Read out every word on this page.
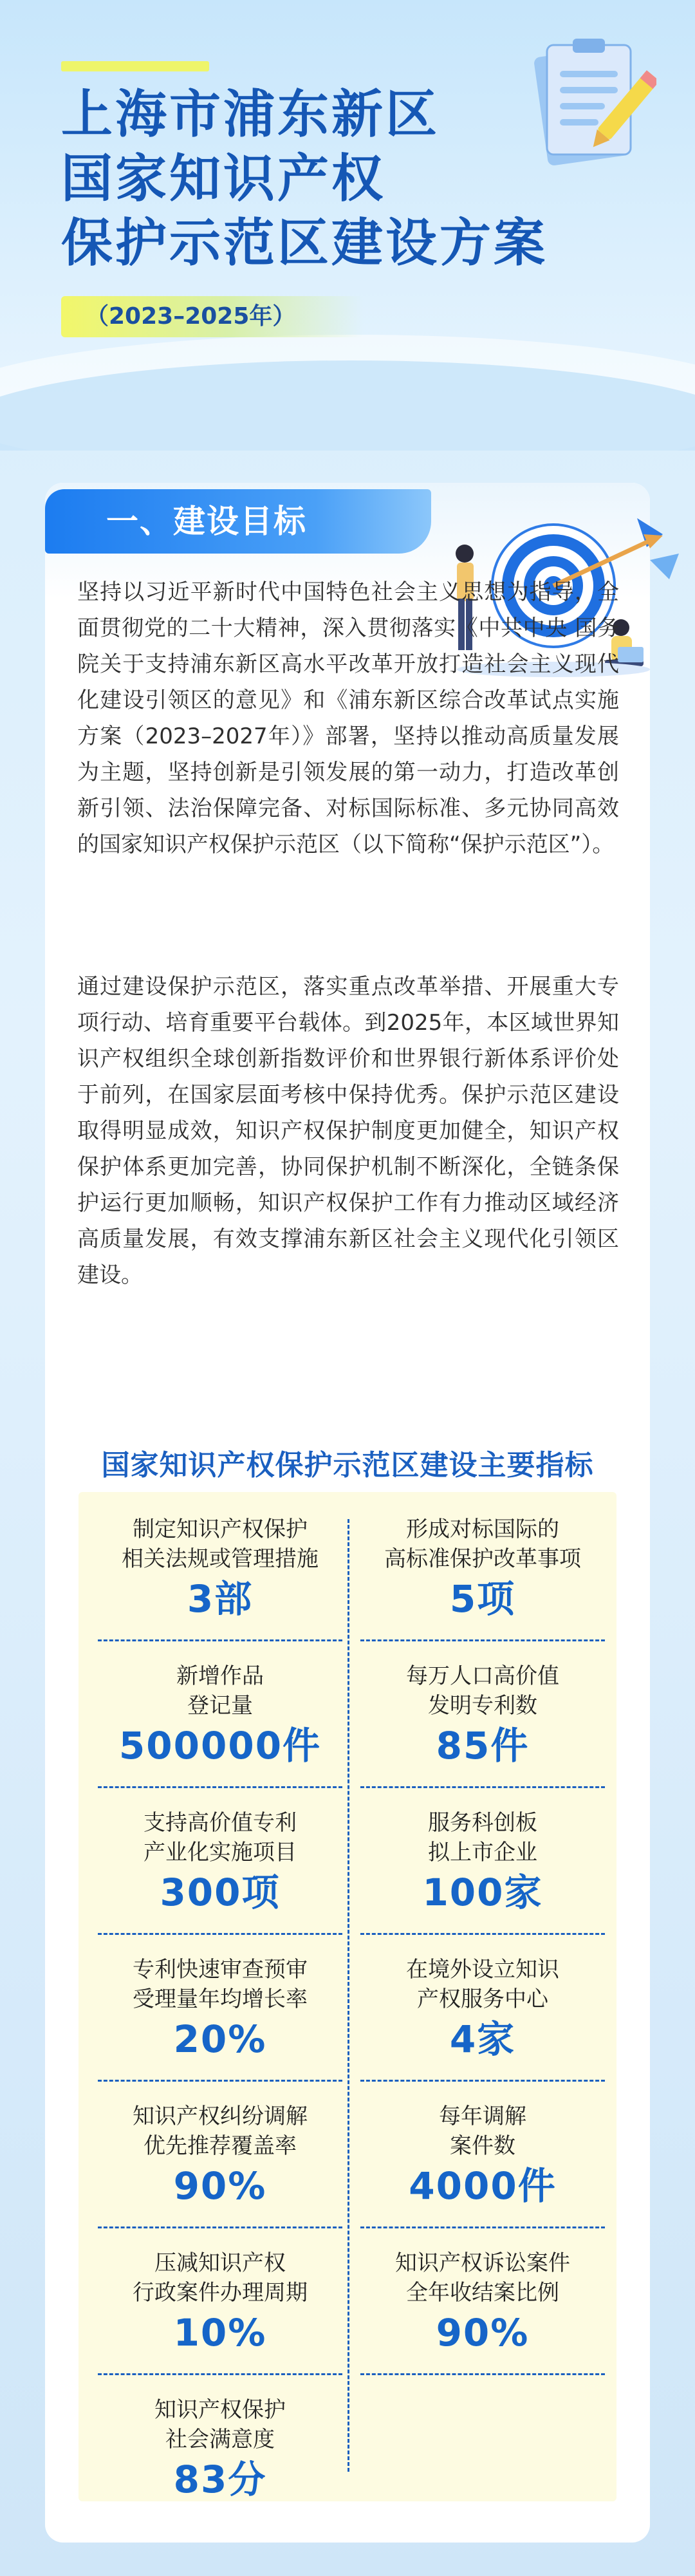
上海市浦东新区
国家知识产权
保护示范区建设方案
（2023–2025年）
一、建设目标

坚持以习近平新时代中国特色社会主义思想为指导，全面贯彻党的二十大精神，深入贯彻落实《中共中央 国务院关于支持浦东新区高水平改革开放打造社会主义现代化建设引领区的意见》和《浦东新区综合改革试点实施方案（2023–2027年）》部署，坚持以推动高质量发展为主题，坚持创新是引领发展的第一动力，打造改革创新引领、法治保障完备、对标国际标准、多元协同高效的国家知识产权保护示范区（以下简称“保护示范区”）。

通过建设保护示范区，落实重点改革举措、开展重大专项行动、培育重要平台载体。到2025年，本区域世界知识产权组织全球创新指数评价和世界银行新体系评价处于前列，在国家层面考核中保持优秀。保护示范区建设取得明显成效，知识产权保护制度更加健全，知识产权保护体系更加完善，协同保护机制不断深化，全链条保护运行更加顺畅，知识产权保护工作有力推动区域经济高质量发展，有效支撑浦东新区社会主义现代化引领区建设。

国家知识产权保护示范区建设主要指标
制定知识产权保护
相关法规或管理措施
3部
形成对标国际的
高标准保护改革事项
5项
新增作品
登记量
500000件
每万人口高价值
发明专利数
85件
支持高价值专利
产业化实施项目
300项
服务科创板
拟上市企业
100家
专利快速审查预审
受理量年均增长率
20%
在境外设立知识
产权服务中心
4家
知识产权纠纷调解
优先推荐覆盖率
90%
每年调解
案件数
4000件
压减知识产权
行政案件办理周期
10%
知识产权诉讼案件
全年收结案比例
90%
知识产权保护
社会满意度
83分
